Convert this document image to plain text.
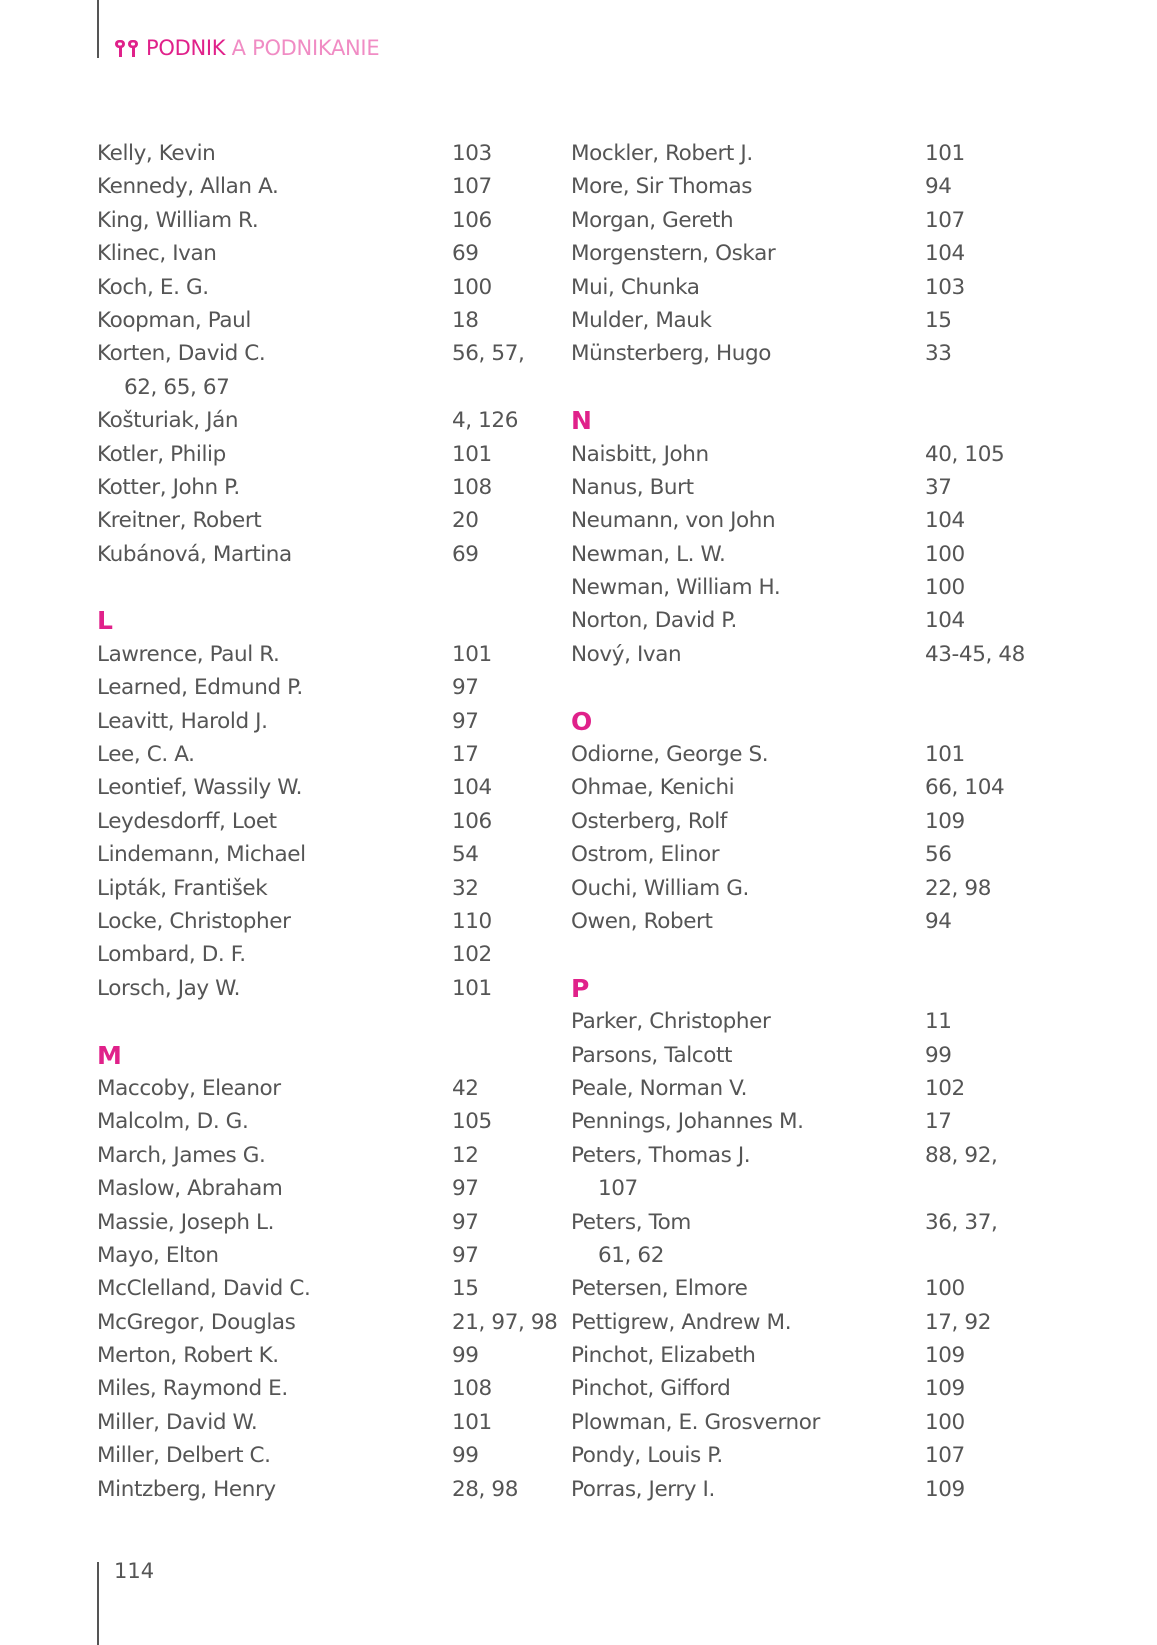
PODNIK
A PODNIKANIE
Kelly, Kevin	103
Kennedy, Allan A.	107
King, William R.	106
Klinec, Ivan	69
Koch, E. G.	100
Koopman, Paul	18
Korten, David C.	56, 57,
62, 65, 67
Košturiak, Ján	4, 126
Kotler, Philip	101
Kotter, John P.	108
Kreitner, Robert	20
Kubánová, Martina	69
L
Lawrence, Paul R.	101
Learned, Edmund P.	97
Leavitt, Harold J.	97
Lee, C. A.	17
Leontief, Wassily W.	104
Leydesdorff, Loet	106
Lindemann, Michael	54
Lipták, František	32
Locke, Christopher	110
Lombard, D. F.	102
Lorsch, Jay W.	101
M
Maccoby, Eleanor	42
Malcolm, D. G.	105
March, James G.	12
Maslow, Abraham	97
Massie, Joseph L.	97
Mayo, Elton	97
McClelland, David C.	15
McGregor, Douglas	21, 97, 98
Merton, Robert K.	99
Miles, Raymond E.	108
Miller, David W.	101
Miller, Delbert C.	99
Mintzberg, Henry	28, 98
Mockler, Robert J.	101
More, Sir Thomas	94
Morgan, Gereth	107
Morgenstern, Oskar	104
Mui, Chunka	103
Mulder, Mauk	15
Münsterberg, Hugo	33
N
Naisbitt, John	40, 105
Nanus, Burt	37
Neumann, von John	104
Newman, L. W.	100
Newman, William H.	100
Norton, David P.	104
Nový, Ivan	43-45, 48
O
Odiorne, George S.	101
Ohmae, Kenichi	66, 104
Osterberg, Rolf	109
Ostrom, Elinor	56
Ouchi, William G.	22, 98
Owen, Robert	94
P
Parker, Christopher	11
Parsons, Talcott	99
Peale, Norman V.	102
Pennings, Johannes M.	17
Peters, Thomas J.	88, 92,
107
Peters, Tom	36, 37,
61, 62
Petersen, Elmore	100
Pettigrew, Andrew M.	17, 92
Pinchot, Elizabeth	109
Pinchot, Gifford	109
Plowman, E. Grosvernor	100
Pondy, Louis P.	107
Porras, Jerry I.	109
114
